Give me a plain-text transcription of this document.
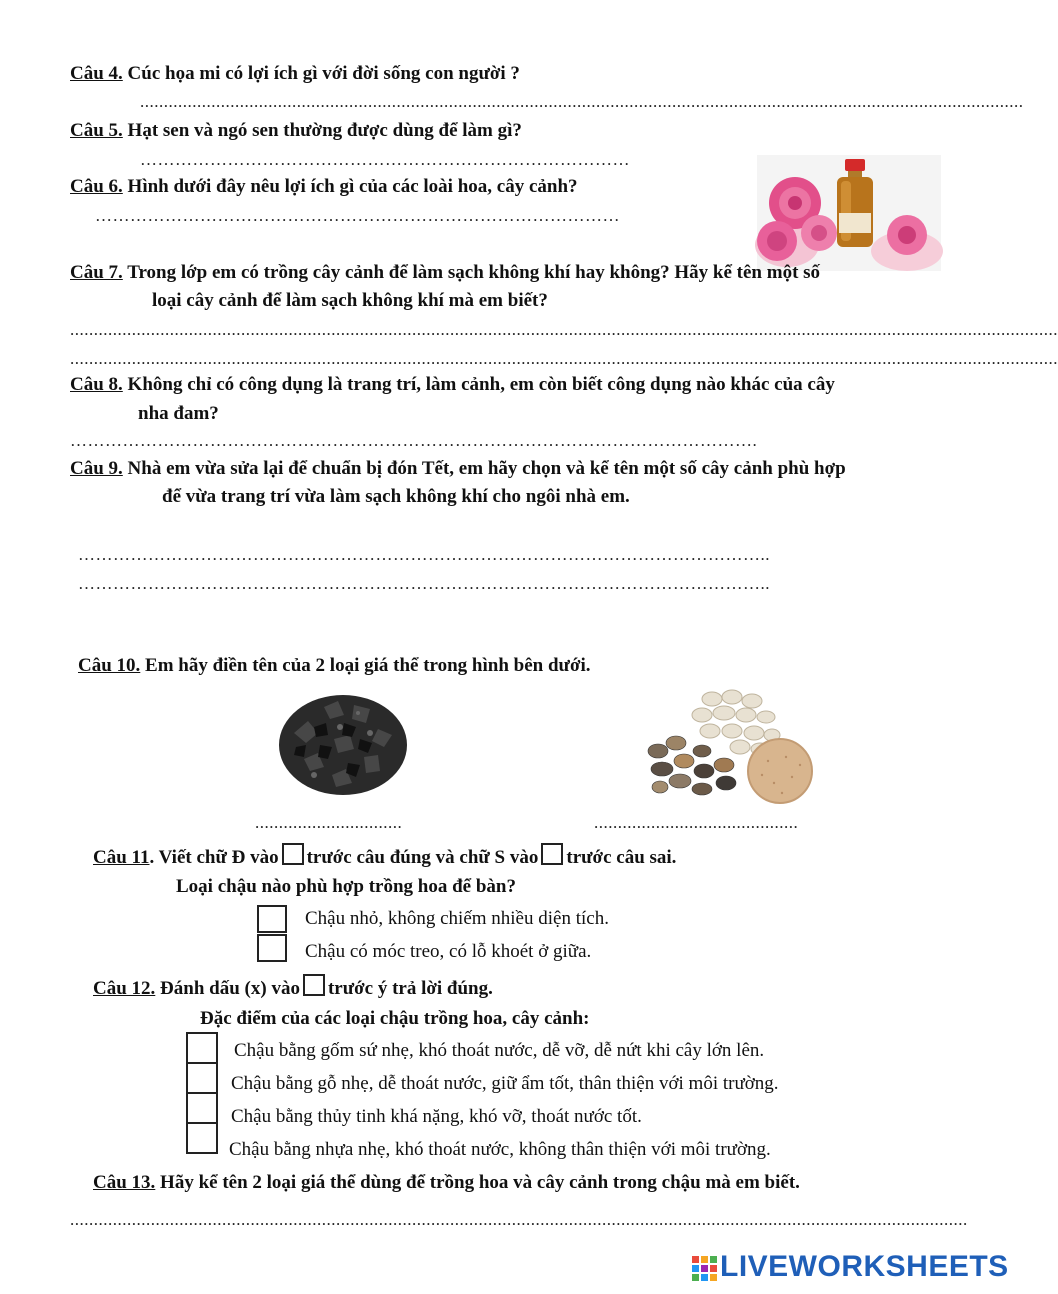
Câu 4. Cúc họa mi có lợi ích gì với đời sống con người ?
..........................................................................................................................................................................................
Câu 5. Hạt sen và ngó sen thường được dùng để làm gì?
…………………………………………………………………………
Câu 6. Hình dưới đây nêu lợi ích gì của các loài hoa, cây cảnh?
………………………………………………………………………………
Câu 7. Trong lớp em có trồng cây cảnh để làm sạch không khí hay không? Hãy kể tên một số
loại cây cảnh để làm sạch không khí mà em biết?
................................................................................................................................................................................................................
................................................................................................................................................................................................................
Câu 8. Không chỉ có công dụng là trang trí, làm cảnh, em còn biết công dụng nào khác của cây
nha đam?
……………………………………………………………………………………………………….
Câu 9. Nhà em vừa sửa lại để chuẩn bị đón Tết, em hãy chọn và kể tên một số cây cảnh phù hợp
để vừa trang trí vừa làm sạch không khí cho ngôi nhà em.
………………………………………………………………………………………………………..
………………………………………………………………………………………………………..
Câu 10. Em hãy điền tên của 2 loại giá thể trong hình bên dưới.
...............................	...........................................
Câu 11. Viết chữ Đ vào trước câu đúng và chữ S vào trước câu sai.
Loại chậu nào phù hợp trồng hoa để bàn?
Chậu nhỏ, không chiếm nhiều diện tích.
Chậu có móc treo, có lỗ khoét ở giữa.
Câu 12. Đánh dấu (x) vào trước ý trả lời đúng.
Đặc điểm của các loại chậu trồng hoa, cây cảnh:
Chậu bằng gốm sứ nhẹ, khó thoát nước, dễ vỡ, dễ nứt khi cây lớn lên.
Chậu bằng gỗ nhẹ, dễ thoát nước, giữ ẩm tốt, thân thiện với môi trường.
Chậu bằng thủy tinh khá nặng, khó vỡ, thoát nước tốt.
Chậu bằng nhựa nhẹ, khó thoát nước, không thân thiện với môi trường.
Câu 13. Hãy kể tên 2 loại giá thể dùng để trồng hoa và cây cảnh trong chậu mà em biết.
.............................................................................................................................................................................................
LIVEWORKSHEETS
